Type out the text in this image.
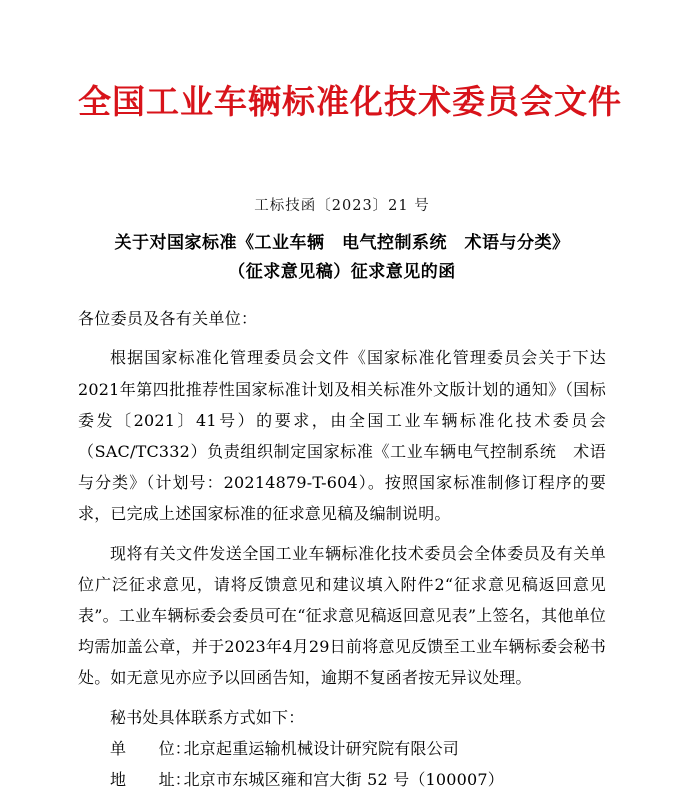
全国工业车辆标准化技术委员会文件

工标技函〔2023〕21 号

关于对国家标准《工业车辆　电气控制系统　术语与分类》
（征求意见稿）征求意见的函

各位委员及各有关单位：

根据国家标准化管理委员会文件《国家标准化管理委员会关于下达2021年第四批推荐性国家标准计划及相关标准外文版计划的通知》（国标委发〔2021〕41号）的要求，由全国工业车辆标准化技术委员会（SAC/TC332）负责组织制定国家标准《工业车辆电气控制系统　术语与分类》（计划号：20214879-T-604）。按照国家标准制修订程序的要求，已完成上述国家标准的征求意见稿及编制说明。

现将有关文件发送全国工业车辆标准化技术委员会全体委员及有关单位广泛征求意见，请将反馈意见和建议填入附件2“征求意见稿返回意见表”。工业车辆标委会委员可在“征求意见稿返回意见表”上签名，其他单位均需加盖公章，并于2023年4月29日前将意见反馈至工业车辆标委会秘书处。如无意见亦应予以回函告知，逾期不复函者按无异议处理。

秘书处具体联系方式如下：

单　　位：北京起重运输机械设计研究院有限公司
地　　址：北京市东城区雍和宫大街 52 号（100007）
